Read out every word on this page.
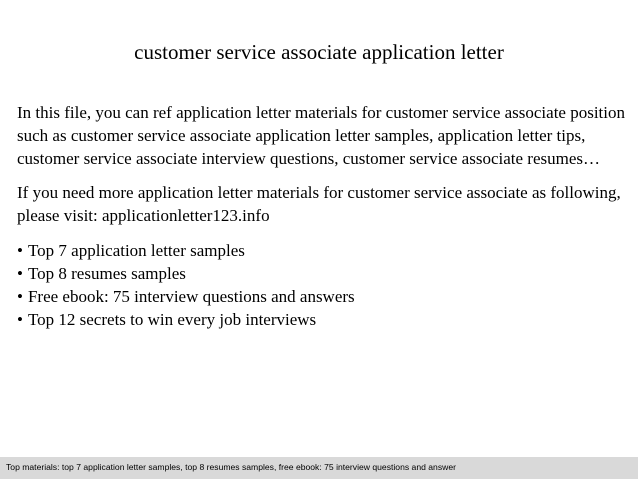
customer service associate application letter

In this file, you can ref application letter materials for customer service associate position such as customer service associate application letter samples, application letter tips, customer service associate interview questions, customer service associate resumes…

If you need more application letter materials for customer service associate as following, please visit: applicationletter123.info

• Top 7 application letter samples
• Top 8 resumes samples
• Free ebook: 75 interview questions and answers
• Top 12 secrets to win every job interviews
Top materials: top 7 application letter samples, top 8 resumes samples, free ebook: 75 interview questions and answer
